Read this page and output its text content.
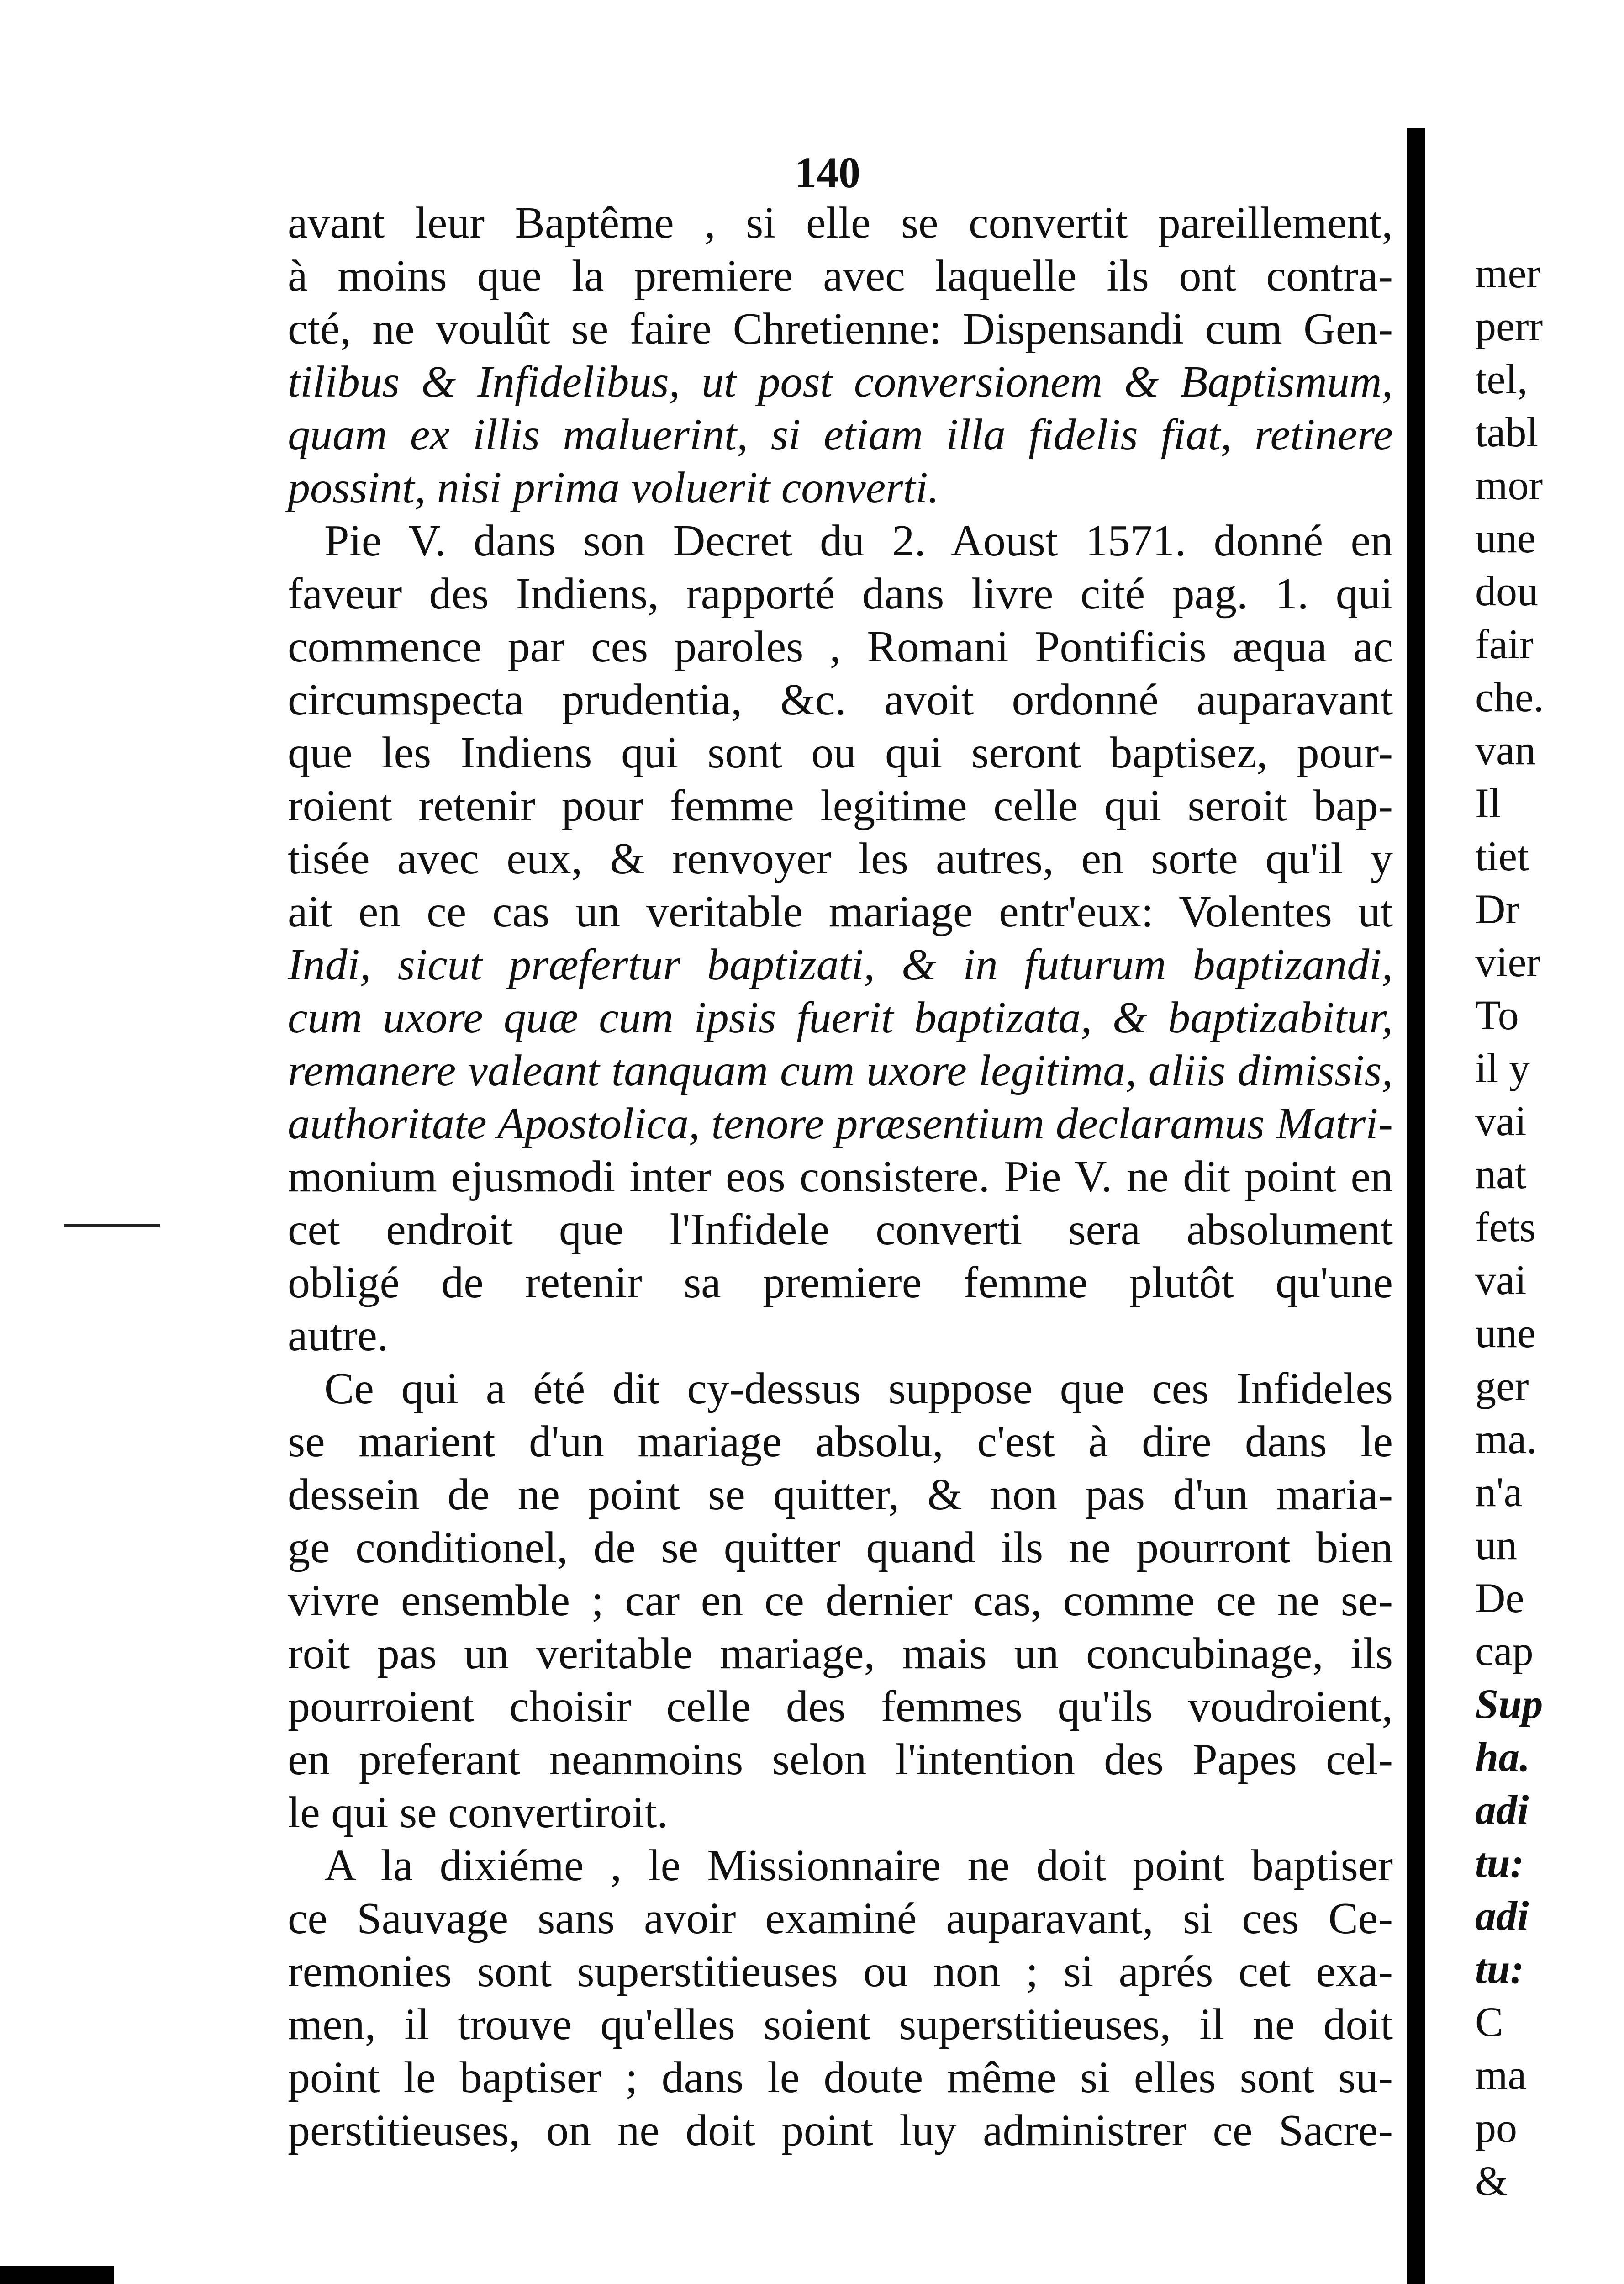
140
avant leur Baptême , si elle se convertit pareillement,
à moins que la premiere avec laquelle ils ont contra-
cté, ne voulût se faire Chretienne: Dispensandi cum Gen-
tilibus & Infidelibus, ut post conversionem & Baptismum,
quam ex illis maluerint, si etiam illa fidelis fiat, retinere
possint, nisi prima voluerit converti.
Pie V. dans son Decret du 2. Aoust 1571. donné en
faveur des Indiens, rapporté dans livre cité pag. 1. qui
commence par ces paroles , Romani Pontificis æqua ac
circumspecta prudentia, &c. avoit ordonné auparavant
que les Indiens qui sont ou qui seront baptisez, pour-
roient retenir pour femme legitime celle qui seroit bap-
tisée avec eux, & renvoyer les autres, en sorte qu'il y
ait en ce cas un veritable mariage entr'eux: Volentes ut
Indi, sicut præfertur baptizati, & in futurum baptizandi,
cum uxore quæ cum ipsis fuerit baptizata, & baptizabitur,
remanere valeant tanquam cum uxore legitima, aliis dimissis,
authoritate Apostolica, tenore præsentium declaramus Matri-
monium ejusmodi inter eos consistere. Pie V. ne dit point en
cet endroit que l'Infidele converti sera absolument
obligé de retenir sa premiere femme plutôt qu'une
autre.
Ce qui a été dit cy-dessus suppose que ces Infideles
se marient d'un mariage absolu, c'est à dire dans le
dessein de ne point se quitter, & non pas d'un maria-
ge conditionel, de se quitter quand ils ne pourront bien
vivre ensemble ; car en ce dernier cas, comme ce ne se-
roit pas un veritable mariage, mais un concubinage, ils
pourroient choisir celle des femmes qu'ils voudroient,
en preferant neanmoins selon l'intention des Papes cel-
le qui se convertiroit.
A la dixiéme , le Missionnaire ne doit point baptiser
ce Sauvage sans avoir examiné auparavant, si ces Ce-
remonies sont superstitieuses ou non ; si aprés cet exa-
men, il trouve qu'elles soient superstitieuses, il ne doit
point le baptiser ; dans le doute même si elles sont su-
perstitieuses, on ne doit point luy administrer ce Sacre-
mer
perr
tel,
tabl
mor
une
dou
fair
che.
van
Il
tiet
Dr
vier
To
il y
vai
nat
fets
vai
une
ger
ma.
n'a
un
De
cap
Sup
ha.
adi
tu:
adi
tu:
C
ma
po
&
